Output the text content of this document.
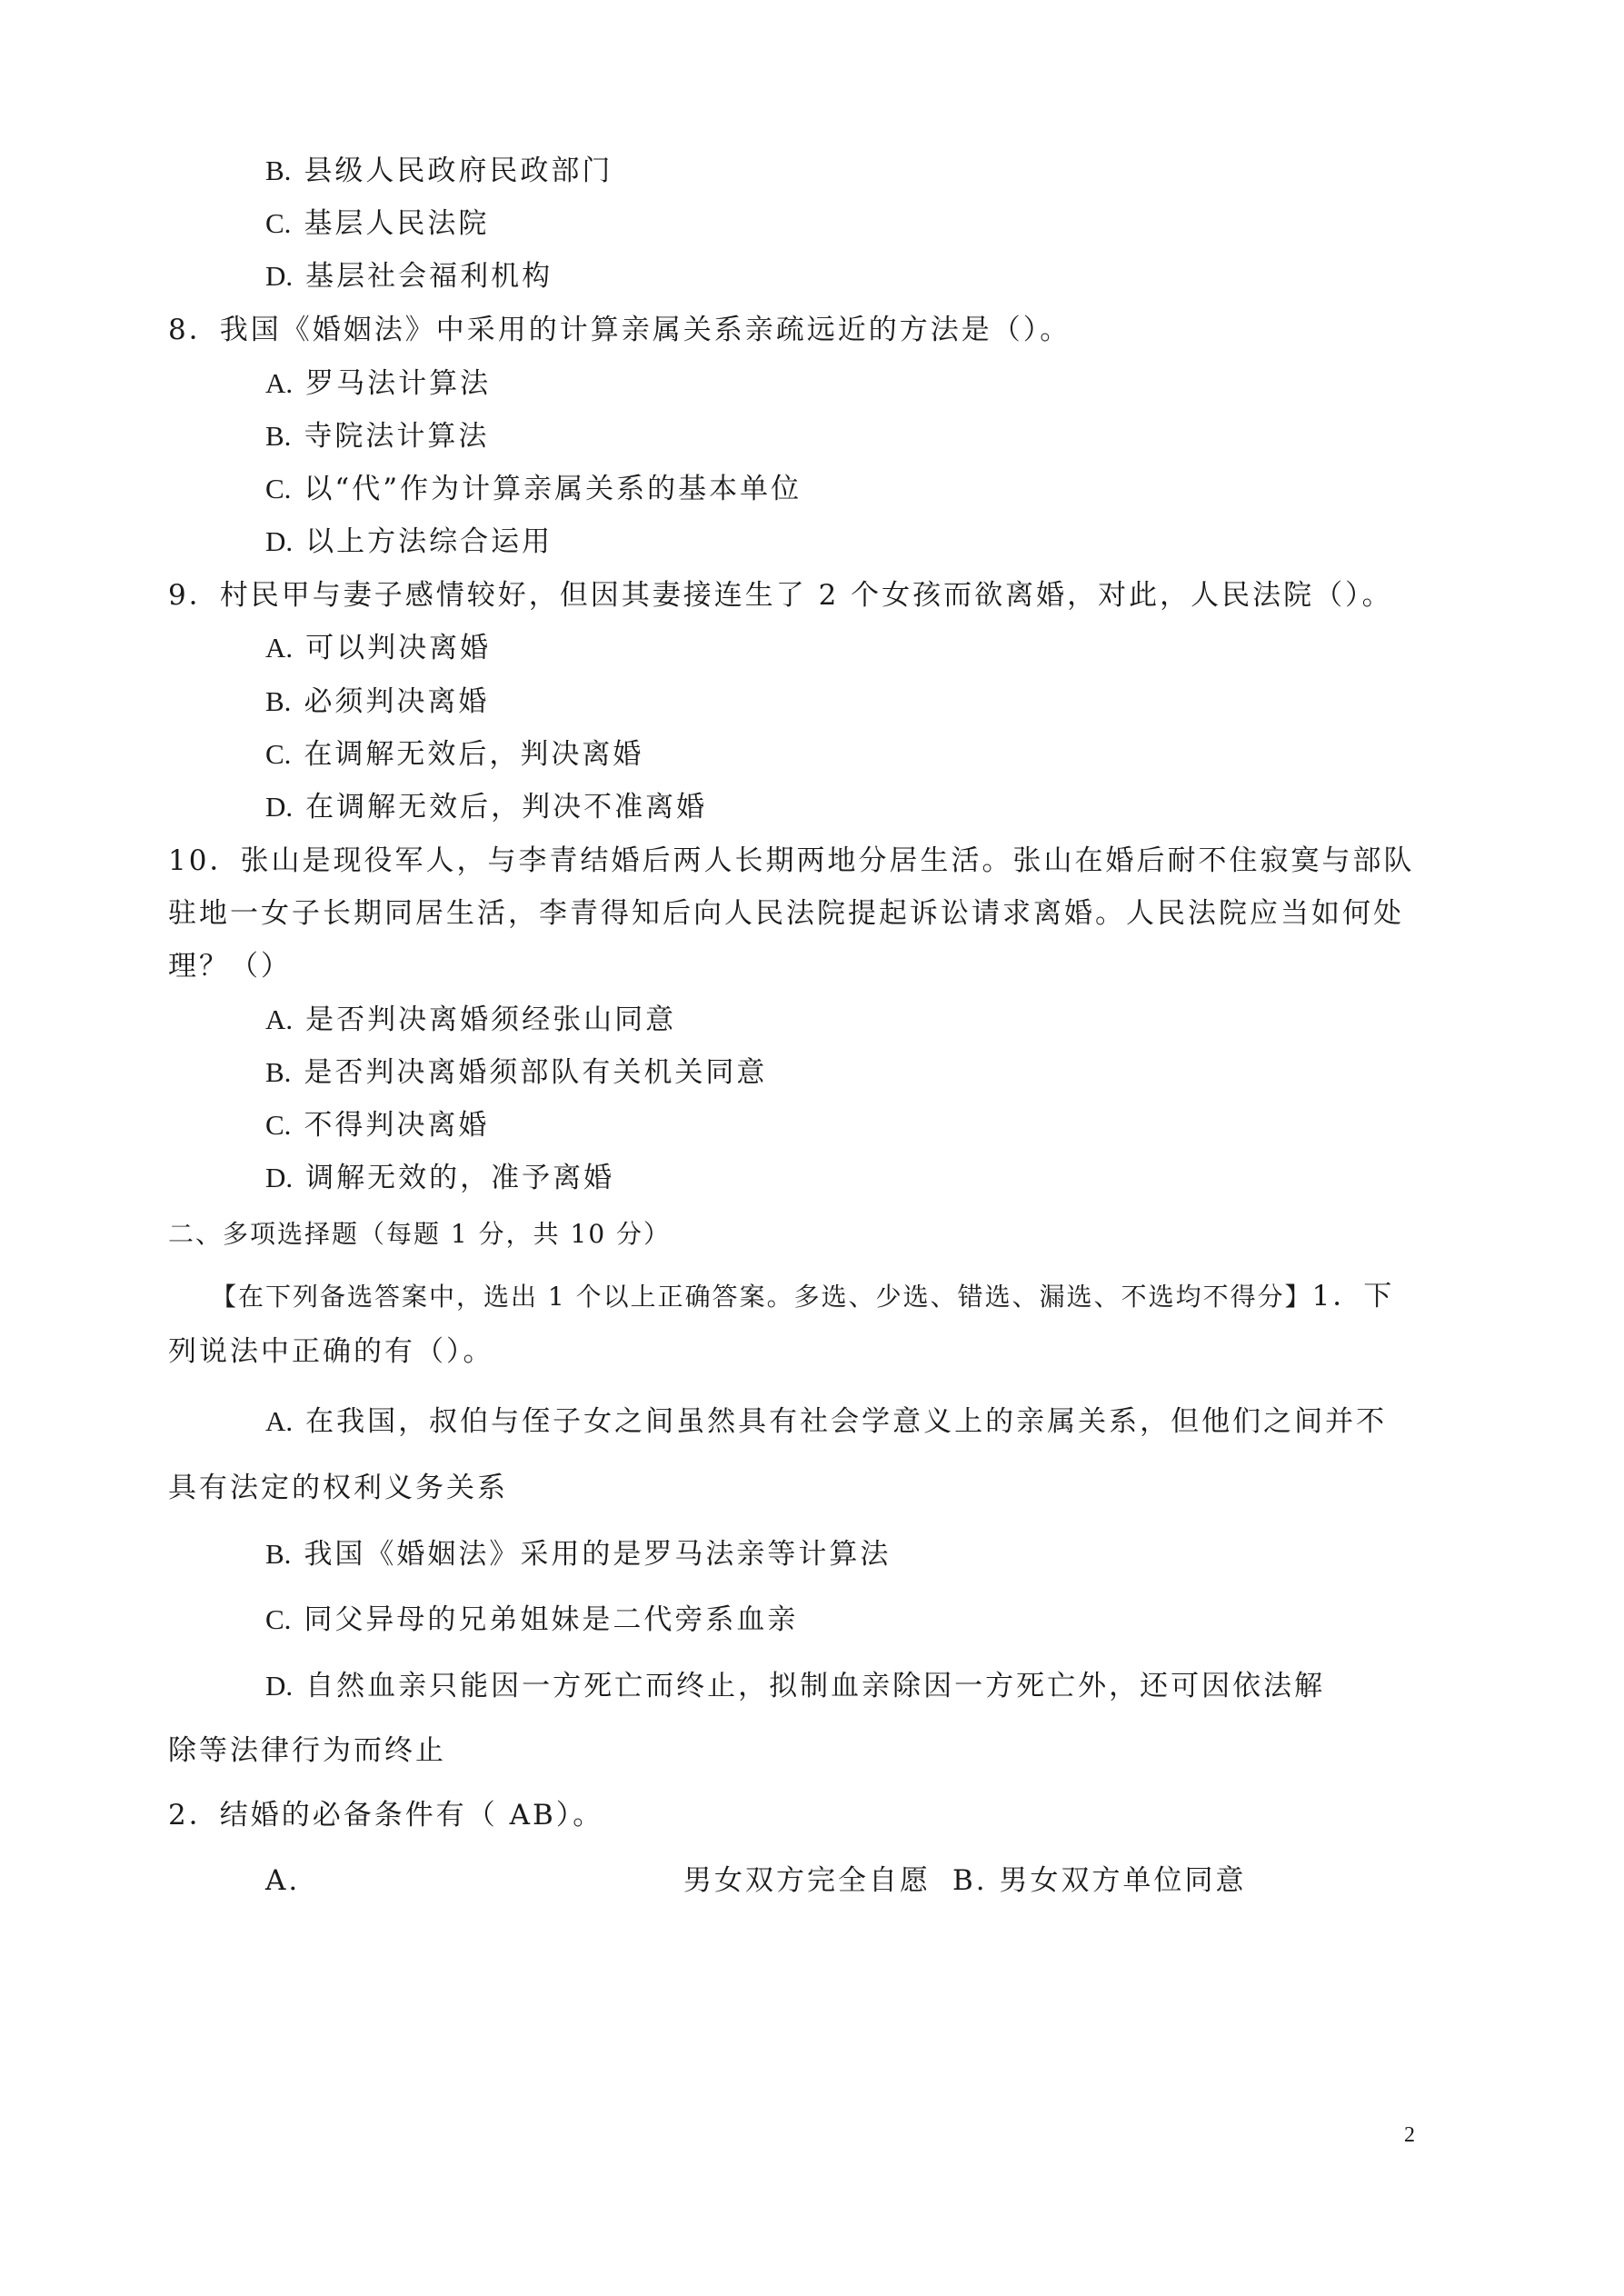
B. 县级人民政府民政部门
C. 基层人民法院
D. 基层社会福利机构
8．我国《婚姻法》中采用的计算亲属关系亲疏远近的方法是（）。
A. 罗马法计算法
B. 寺院法计算法
C. 以“代”作为计算亲属关系的基本单位
D. 以上方法综合运用
9．村民甲与妻子感情较好，但因其妻接连生了 2 个女孩而欲离婚，对此，人民法院（）。
A. 可以判决离婚
B. 必须判决离婚
C. 在调解无效后，判决离婚
D. 在调解无效后，判决不准离婚
10．张山是现役军人，与李青结婚后两人长期两地分居生活。张山在婚后耐不住寂寞与部队
驻地一女子长期同居生活，李青得知后向人民法院提起诉讼请求离婚。人民法院应当如何处
理？（）
A. 是否判决离婚须经张山同意
B. 是否判决离婚须部队有关机关同意
C. 不得判决离婚
D. 调解无效的，准予离婚
二、多项选择题（每题 1 分，共 10 分）
【在下列备选答案中，选出 1 个以上正确答案。多选、少选、错选、漏选、不选均不得分】1．下
列说法中正确的有（）。
A. 在我国，叔伯与侄子女之间虽然具有社会学意义上的亲属关系，但他们之间并不
具有法定的权利义务关系
B. 我国《婚姻法》采用的是罗马法亲等计算法
C. 同父异母的兄弟姐妹是二代旁系血亲
D. 自然血亲只能因一方死亡而终止，拟制血亲除因一方死亡外，还可因依法解
除等法律行为而终止
2．结婚的必备条件有（ AB）。
A.	男女双方完全自愿 B. 男女双方单位同意
2
